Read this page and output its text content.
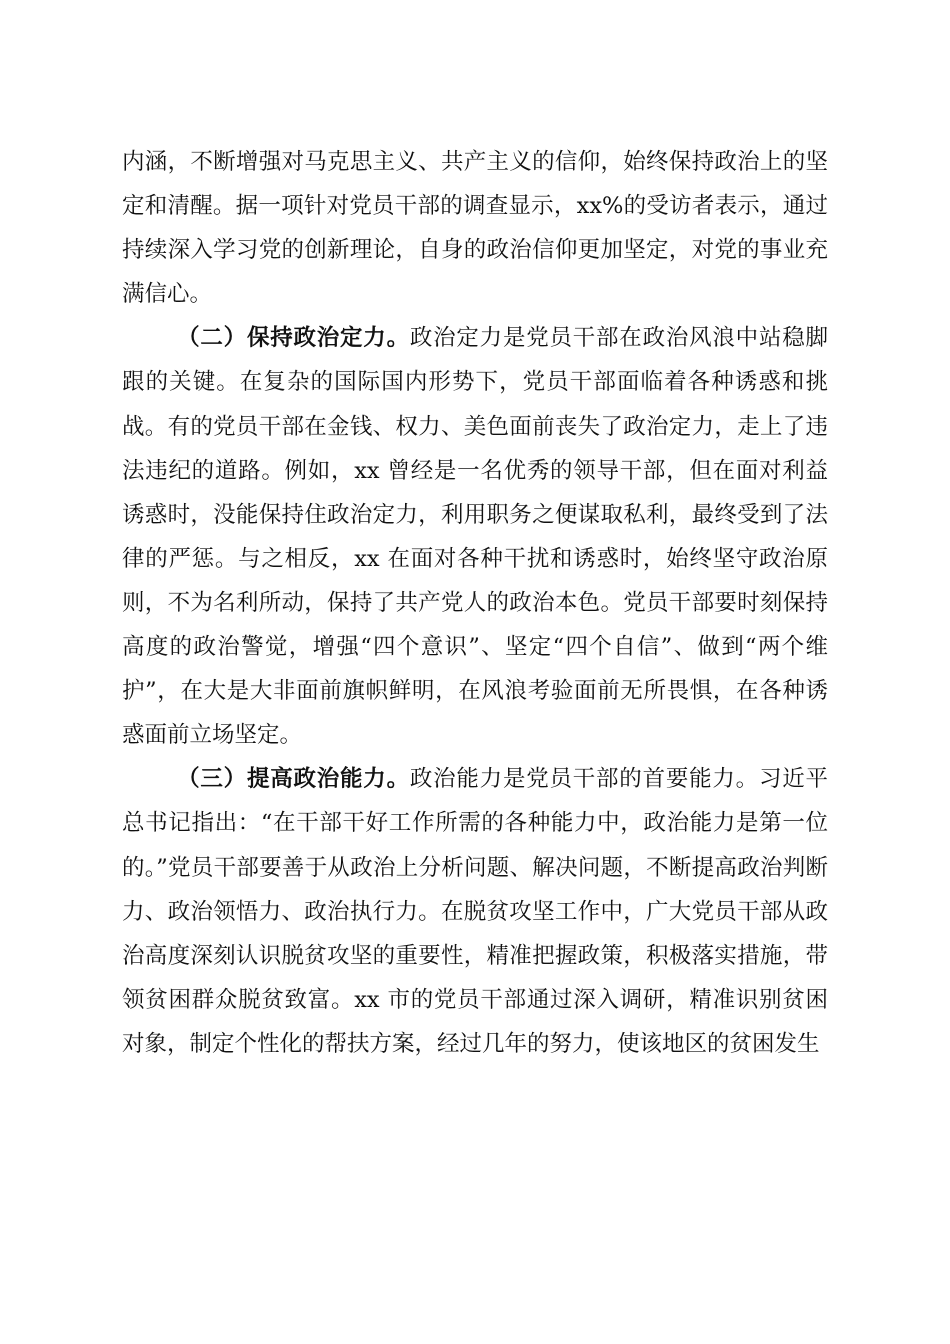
内涵，不断增强对马克思主义、共产主义的信仰，始终保持政治上的坚定和清醒。据一项针对党员干部的调查显示，xx%的受访者表示，通过持续深入学习党的创新理论，自身的政治信仰更加坚定，对党的事业充满信心。

（二）保持政治定力。政治定力是党员干部在政治风浪中站稳脚跟的关键。在复杂的国际国内形势下，党员干部面临着各种诱惑和挑战。有的党员干部在金钱、权力、美色面前丧失了政治定力，走上了违法违纪的道路。例如，xx 曾经是一名优秀的领导干部，但在面对利益诱惑时，没能保持住政治定力，利用职务之便谋取私利，最终受到了法律的严惩。与之相反，xx 在面对各种干扰和诱惑时，始终坚守政治原则，不为名利所动，保持了共产党人的政治本色。党员干部要时刻保持高度的政治警觉，增强“四个意识”、坚定“四个自信”、做到“两个维护”，在大是大非面前旗帜鲜明，在风浪考验面前无所畏惧，在各种诱惑面前立场坚定。

（三）提高政治能力。政治能力是党员干部的首要能力。习近平总书记指出：“在干部干好工作所需的各种能力中，政治能力是第一位的。”党员干部要善于从政治上分析问题、解决问题，不断提高政治判断力、政治领悟力、政治执行力。在脱贫攻坚工作中，广大党员干部从政治高度深刻认识脱贫攻坚的重要性，精准把握政策，积极落实措施，带领贫困群众脱贫致富。xx 市的党员干部通过深入调研，精准识别贫困对象，制定个性化的帮扶方案，经过几年的努力，使该地区的贫困发生
